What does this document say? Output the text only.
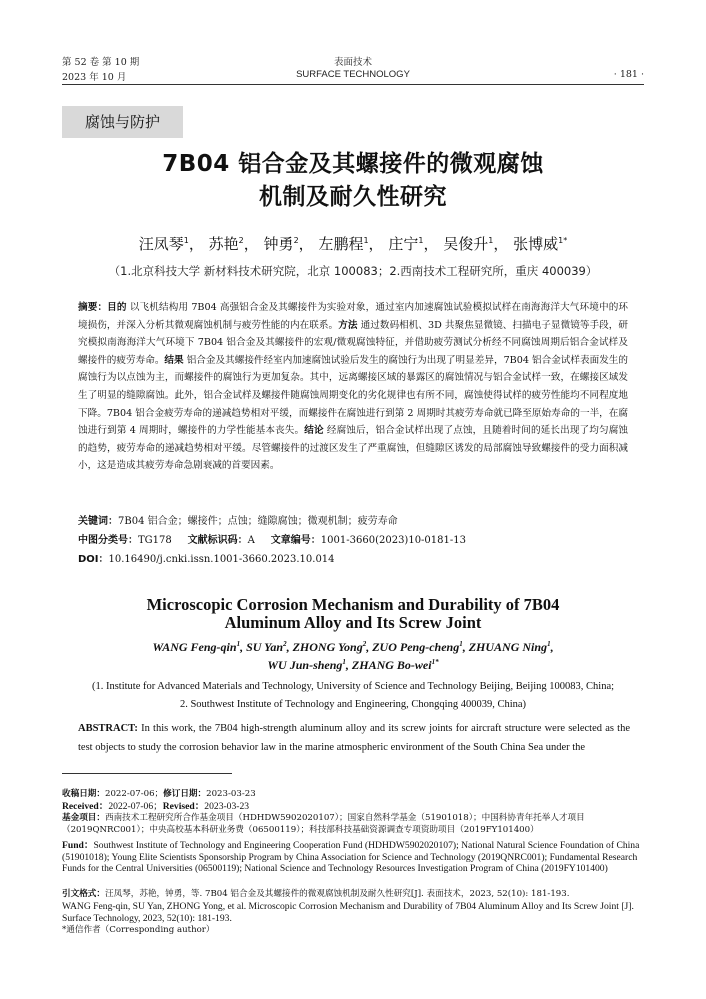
第 52 卷 第 10 期
2023 年 10 月
表面技术
SURFACE TECHNOLOGY	· 181 ·
腐蚀与防护
7B04 铝合金及其螺接件的微观腐蚀
机制及耐久性研究
汪凤琴$^1$， 苏艳$^2$， 钟勇$^2$， 左鹏程$^1$， 庄宁$^1$， 吴俊升$^1$， 张博威$^{1*}$
（1.北京科技大学 新材料技术研究院，北京 100083；2.西南技术工程研究所，重庆 400039）
摘要：目的 以飞机结构用 7B04 高强铝合金及其螺接件为实验对象，通过室内加速腐蚀试验模拟试样在南海海洋大气环境中的环境损伤，并深入分析其微观腐蚀机制与疲劳性能的内在联系。方法 通过数码相机、3D 共聚焦显微镜、扫描电子显微镜等手段，研究模拟南海海洋大气环境下 7B04 铝合金及其螺接件的宏观/微观腐蚀特征，并借助疲劳测试分析经不同腐蚀周期后铝合金试样及螺接件的疲劳寿命。结果 铝合金及其螺接件经室内加速腐蚀试验后发生的腐蚀行为出现了明显差异，7B04 铝合金试样表面发生的腐蚀行为以点蚀为主，而螺接件的腐蚀行为更加复杂。其中，远离螺接区域的暴露区的腐蚀情况与铝合金试样一致，在螺接区域发生了明显的缝隙腐蚀。此外，铝合金试样及螺接件随腐蚀周期变化的劣化规律也有所不同，腐蚀使得试样的疲劳性能均不同程度地下降。7B04 铝合金疲劳寿命的递减趋势相对平缓，而螺接件在腐蚀进行到第 2 周期时其疲劳寿命就已降至原始寿命的一半，在腐蚀进行到第 4 周期时，螺接件的力学性能基本丧失。结论 经腐蚀后，铝合金试样出现了点蚀，且随着时间的延长出现了均匀腐蚀的趋势，疲劳寿命的递减趋势相对平缓。尽管螺接件的过渡区发生了严重腐蚀，但缝隙区诱发的局部腐蚀导致螺接件的受力面积减小，这是造成其疲劳寿命急剧衰减的首要因素。
关键词：7B04 铝合金；螺接件；点蚀；缝隙腐蚀；微观机制；疲劳寿命
中图分类号：TG178 文献标识码：A 文章编号：1001-3660(2023)10-0181-13
DOI：10.16490/j.cnki.issn.1001-3660.2023.10.014
Microscopic Corrosion Mechanism and Durability of 7B04
Aluminum Alloy and Its Screw Joint
WANG Feng-qin$^1$, SU Yan$^2$, ZHONG Yong$^2$, ZUO Peng-cheng$^1$, ZHUANG Ning$^1$,
WU Jun-sheng$^1$, ZHANG Bo-wei$^{1*}$
(1. Institute for Advanced Materials and Technology, University of Science and Technology Beijing, Beijing 100083, China;
2. Southwest Institute of Technology and Engineering, Chongqing 400039, China)
ABSTRACT: In this work, the 7B04 high-strength aluminum alloy and its screw joints for aircraft structure were selected as the test objects to study the corrosion behavior law in the marine atmospheric environment of the South China Sea under the
收稿日期：2022-07-06；修订日期：2023-03-23
Received：2022-07-06；Revised：2023-03-23
基金项目：西南技术工程研究所合作基金项目（HDHDW5902020107）；国家自然科学基金（51901018）；中国科协青年托举人才项目（2019QNRC001）；中央高校基本科研业务费（06500119）；科技部科技基础资源调查专项资助项目（2019FY101400）
Fund：Southwest Institute of Technology and Engineering Cooperation Fund (HDHDW5902020107); National Natural Science Foundation of China (51901018); Young Elite Scientists Sponsorship Program by China Association for Science and Technology (2019QNRC001); Fundamental Research Funds for the Central Universities (06500119); National Science and Technology Resources Investigation Program of China (2019FY101400)
引文格式：汪凤琴，苏艳，钟勇，等. 7B04 铝合金及其螺接件的微观腐蚀机制及耐久性研究[J]. 表面技术，2023, 52(10): 181-193.
WANG Feng-qin, SU Yan, ZHONG Yong, et al. Microscopic Corrosion Mechanism and Durability of 7B04 Aluminum Alloy and Its Screw Joint [J]. Surface Technology, 2023, 52(10): 181-193.
*通信作者（Corresponding author）
